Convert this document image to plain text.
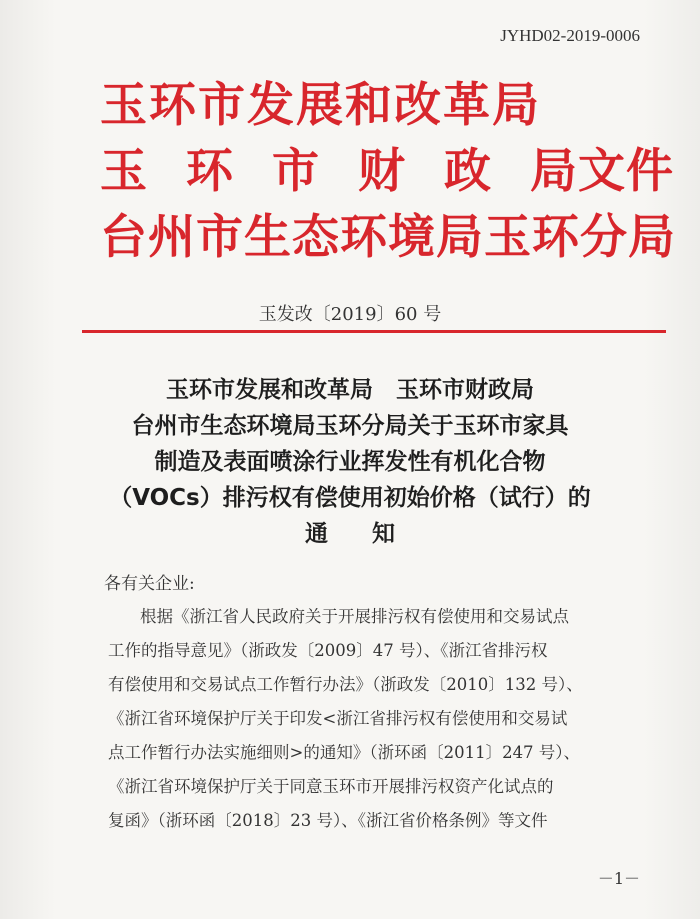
JYHD02-2019-0006
玉环市发展和改革局
玉 环 市 财 政 局文件
台州市生态环境局玉环分局
玉发改〔2019〕60 号
玉环市发展和改革局　玉环市财政局
台州市生态环境局玉环分局关于玉环市家具
制造及表面喷涂行业挥发性有机化合物
（VOCs）排污权有偿使用初始价格（试行）的
通 知
各有关企业:
根据《浙江省人民政府关于开展排污权有偿使用和交易试点
工作的指导意见》（浙政发〔2009〕47 号）、《浙江省排污权
有偿使用和交易试点工作暂行办法》（浙政发〔2010〕132 号）、
《浙江省环境保护厅关于印发<浙江省排污权有偿使用和交易试
点工作暂行办法实施细则>的通知》（浙环函〔2011〕247 号）、
《浙江省环境保护厅关于同意玉环市开展排污权资产化试点的
复函》（浙环函〔2018〕23 号）、《浙江省价格条例》等文件
－1－
